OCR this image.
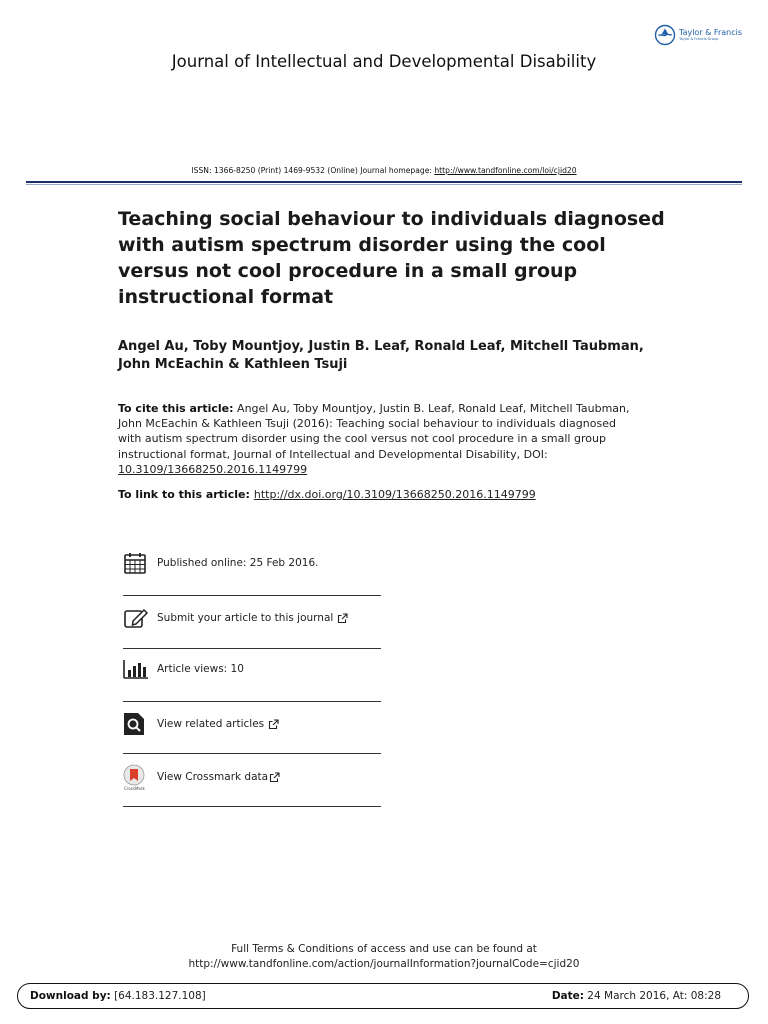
Taylor & Francis
Taylor & Francis Group
Journal of Intellectual and Developmental Disability
ISSN: 1366-8250 (Print) 1469-9532 (Online) Journal homepage: http://www.tandfonline.com/loi/cjid20
Teaching social behaviour to individuals diagnosed with autism spectrum disorder using the cool versus not cool procedure in a small group instructional format
Angel Au, Toby Mountjoy, Justin B. Leaf, Ronald Leaf, Mitchell Taubman, John McEachin & Kathleen Tsuji
To cite this article: Angel Au, Toby Mountjoy, Justin B. Leaf, Ronald Leaf, Mitchell Taubman, John McEachin & Kathleen Tsuji (2016): Teaching social behaviour to individuals diagnosed with autism spectrum disorder using the cool versus not cool procedure in a small group instructional format, Journal of Intellectual and Developmental Disability, DOI: 10.3109/13668250.2016.1149799
To link to this article: http://dx.doi.org/10.3109/13668250.2016.1149799
Published online: 25 Feb 2016.
Submit your article to this journal
Article views: 10
View related articles
CrossMark
View Crossmark data
Full Terms & Conditions of access and use can be found at
http://www.tandfonline.com/action/journalInformation?journalCode=cjid20
Download by: [64.183.127.108]	Date: 24 March 2016, At: 08:28
